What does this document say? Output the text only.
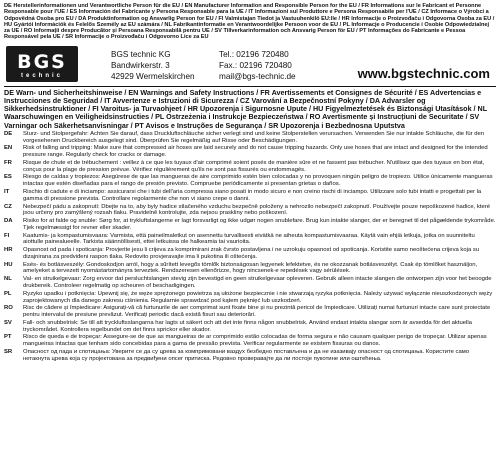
DE Herstellerinformationen und Verantwortliche Person für die EU / EN Manufacturer Information and Responsible Person for the EU / FR Informations sur le Fabricant et Personne Responsable pour l'UE / ES Información del Fabricante y Persona Responsable para la UE / IT Informazioni sul Produttore e Persona Responsabile per l'UE / CZ Informace o Výrobci a Odpovědná Osoba pro EU / DA Produktinformation og Ansvarlig Person for EU / FI Valmistajan Tiedot ja Vastuuhenkilö EU:lle / HR Informacije o Proizvođaču i Odgovorna Osoba za EU / HU Gyártói Információk és Felelős Személy az EU számára / NL Fabrikantinformatie en Verantwoordelijke Persoon voor de EU / PL Informacje o Producencie i Osobie Odpowiedzialnej za UE / RO Informații despre Producător și Persoana Responsabilă pentru UE / SV Tillverkarinformation och Ansvarig Person för EU / PT Informações do Fabricante e Pessoa Responsável pela UE / SR Informacije o Proizvođaču i Odgovorno Lice za EU
BGS
technic
BGS technic KG
Bandwirkerstr. 3
42929 Wermelskirchen
Tel.: 02196 720480
Fax.: 02196 720480
mail@bgs-technic.de	www.bgstechnic.com
DE Warn- und Sicherheitshinweise / EN Warnings and Safety Instructions / FR Avertissements et Consignes de Sécurité / ES Advertencias e Instrucciones de Seguridad / IT Avvertenze e Istruzioni di Sicurezza / CZ Varování a Bezpečnostní Pokyny / DA Advarsler og Sikkerhedsinstruktioner / FI Varoitus- ja Turvaohjeet / HR Upozorenja i Sigurnosne Upute / HU Figyelmeztetések és Biztonsági Utasítások / NL Waarschuwingen en Veiligheidsinstructies / PL Ostrzeżenia i Instrukcje Bezpieczeństwa / RO Avertismente și Instrucțiuni de Securitate / SV Varningar och Säkerhetsanvisningar / PT Avisos e Instruções de Segurança / SR Upozorenja i Bezbednosna Uputstva
DE	Sturz- und Stolpergefahr: Achten Sie darauf, dass Druckluftschläuche sicher verlegt sind und keine Stolperstellen verursachen. Verwenden Sie nur intakte Schläuche, die für den vorgesehenen Druckbereich ausgelegt sind. Überprüfen Sie regelmäßig auf Risse oder Beschädigungen.
EN	Risk of falling and tripping: Make sure that compressed air hoses are laid securely and do not cause tripping hazards. Only use hoses that are intact and designed for the intended pressure range. Regularly check for cracks or damage.
FR	Risque de chute et de trébuchement : veillez à ce que les tuyaux d'air comprimé soient posés de manière sûre et ne fassent pas trébucher. N'utilisez que des tuyaux en bon état, conçus pour la plage de pression prévue. Vérifiez régulièrement qu'ils ne sont pas fissurés ou endommagés.
ES	Riesgo de caídas y tropiezos: Asegúrese de que las mangueras de aire comprimido estén bien colocadas y no provoquen ningún peligro de tropiezo. Utilice únicamente mangueras intactas que estén diseñadas para el rango de presión previsto. Compruebe periódicamente si presentan grietas o daños.
IT	Rischio di cadute e di inciampo: assicurarsi che i tubi dell'aria compressa siano posati in modo sicuro e non creino rischi di inciampo. Utilizzare solo tubi intatti e progettati per la gamma di pressione prevista. Controllare regolarmente che non vi siano crepe o danni.
CZ	Nebezpečí pádu a zakopnutí: Dbejte na to, aby byly hadice stlačeného vzduchu bezpečně položeny a nehrozilo nebezpečí zakopnutí. Používejte pouze nepoškozené hadice, které jsou určeny pro zamýšlený rozsah tlaku. Pravidelně kontrolujte, zda nejsou praskliny nebo poškození.
DA	Risiko for at falde og snuble: Sørg for, at trykluftslangerne er lagt forsvarligt og ikke udgør nogen snublefare. Brug kun intakte slanger, der er beregnet til det pågældende trykområde. Tjek regelmæssigt for revner eller skader.
FI	Kaatumis- ja kompastumisvaara: Varmista, että paineilmaletkut on asennettu turvallisesti eivätkä ne aiheuta kompastumisvaaraa. Käytä vain ehjiä letkuja, jotka on suunniteltu aiottulle painealueelle. Tarkista säännöllisesti, ettei letkuissa ole halkeamia tai vaurioita.
HR	Opasnost od pada i spoticanja: Provjerite jesu li crijeva za komprimirani zrak čvrsto postavljena i ne uzrokuju opasnost od spoticanja. Koristite samo neoštećena crijeva koja su dizajnirana za predviđeni raspon tlaka. Redovito provjeravajte ima li pukotina ili oštećenja.
HU	Esés- és botlásveszély: Gondoskodjon arról, hogy a sűrített levegős tömlők biztonságosan legyenek lefektetve, és ne okozzanak botlásveszélyt. Csak ép tömlőket használjon, amelyeket a tervezett nyomástartományra terveztek. Rendszeresen ellenőrizze, hogy nincsenek-e repedések vagy sérülések.
NL	Val- en struikelgevaar: Zorg ervoor dat persluchtslangen stevig zijn bevestigd en geen struikelgevaar opleveren. Gebruik alleen intacte slangen die ontworpen zijn voor het beoogde drukbereik. Controleer regelmatig op scheuren of beschadigingen.
PL	Ryzyko upadku i potknięcia: Upewnij się, że węże sprężonego powietrza są ułożone bezpiecznie i nie stwarzają ryzyka potknięcia. Należy używać wyłącznie nieuszkodzonych węży zaprojektowanych dla danego zakresu ciśnienia. Regularnie sprawdzać pod kątem pęknięć lub uszkodzeń.
RO	Risc de cădere și împiedicare: Asigurați-vă că furtunurile de aer comprimat sunt fixate bine și nu prezintă pericol de împiedicare. Utilizați numai furtunuri intacte care sunt proiectate pentru intervalul de presiune prevăzut. Verificați periodic dacă există fisuri sau deteriorări.
SV	Fall- och snubbelrisk: Se till att tryckluftsslangarna har lagts ut säkert och att det inte finns någon snubbelrisk. Använd endast intakta slangar som är avsedda för det aktuella tryckområdet. Kontrollera regelbundet om det finns sprickor eller skador.
PT	Risco de queda e de tropeçar: Assegure-se de que as mangueiras de ar comprimido estão colocadas de forma segura e não causam qualquer perigo de tropeçar. Utilizar apenas mangueiras intactas que tenham sido concebidas para a gama de pressão prevista. Verificar regularmente se existem fissuras ou danos.
SR	Опасност од пада и спотицања: Уверите се да су цревa за компримовани ваздух безбедно постављена и да не изазивају опасност од спотицања. Користите само нетакнута црева која су пројектована за предвиђени опсег притиска. Редовно проверавајте да ли постоје пукотине или оштећења.
